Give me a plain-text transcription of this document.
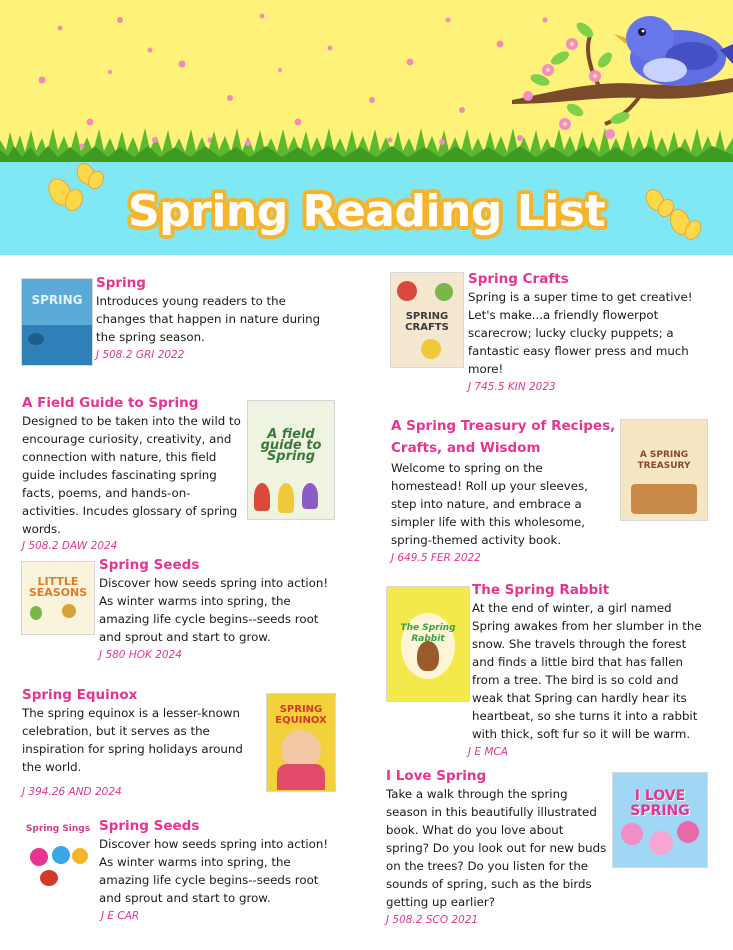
Spring Reading List
SPRING
Spring

Introduces young readers to the changes that happen in nature during the spring season.

J 508.2 GRI 2022
A Field Guide to Spring

Designed to be taken into the wild to encourage curiosity, creativity, and connection with nature, this field guide includes fascinating spring facts, poems, and hands-on-activities. Incudes glossary of spring words.

J 508.2 DAW 2024
A field guide to Spring
LITTLE SEASONS
Spring Seeds

Discover how seeds spring into action! As winter warms into spring, the amazing life cycle begins--seeds root and sprout and start to grow.

J 580 HOK 2024
Spring Equinox

The spring equinox is a lesser-known celebration, but it serves as the inspiration for spring holidays around the world.

J 394.26 AND 2024
SPRING EQUINOX
Spring Sings Spring Seeds

Discover how seeds spring into action! As winter warms into spring, the amazing life cycle begins--seeds root and sprout and start to grow.

J E CAR
SPRING CRAFTS
Spring Crafts

Spring is a super time to get creative! Let's make...a friendly flowerpot scarecrow; lucky clucky puppets; a fantastic easy flower press and much more!

J 745.5 KIN 2023
A Spring Treasury of Recipes, Crafts, and Wisdom

Welcome to spring on the homestead! Roll up your sleeves, step into nature, and embrace a simpler life with this wholesome, spring-themed activity book.

J 649.5 FER 2022
A SPRING TREASURY
The Spring Rabbit
The Spring Rabbit

At the end of winter, a girl named Spring awakes from her slumber in the snow. She travels through the forest and finds a little bird that has fallen from a tree. The bird is so cold and weak that Spring can hardly hear its heartbeat, so she turns it into a rabbit with thick, soft fur so it will be warm.

J E MCA
I Love Spring

Take a walk through the spring season in this beautifully illustrated book. What do you love about spring? Do you look out for new buds on the trees? Do you listen for the sounds of spring, such as the birds getting up earlier?

J 508.2 SCO 2021
I LOVE SPRING
